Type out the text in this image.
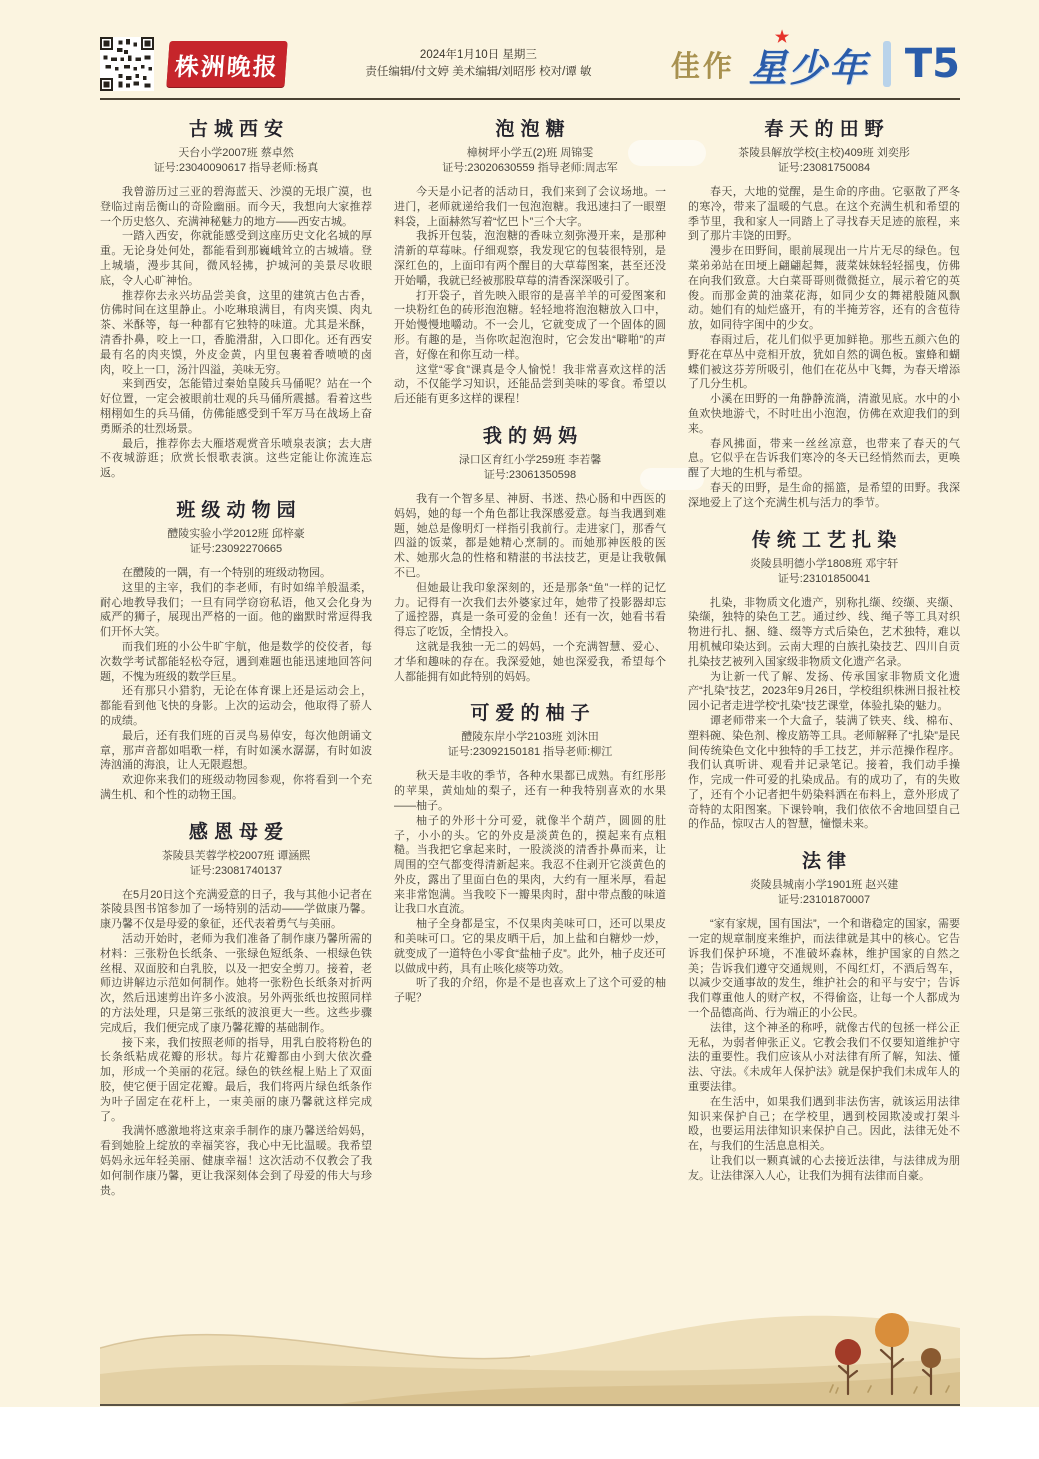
株洲晚报	2024年1月10日 星期三
责任编辑/付文婷 美术编辑/刘昭彤 校对/谭 敏	佳作
★
星少年 T5
古城西安
天台小学2007班 蔡卓然
证号:23040090617 指导老师:杨真

我曾游历过三亚的碧海蓝天、沙漠的无垠广漠，也登临过南岳衡山的奇险幽丽。而今天，我想向大家推荐一个历史悠久、充满神秘魅力的地方——西安古城。

一踏入西安，你就能感受到这座历史文化名城的厚重。无论身处何处，都能看到那巍峨耸立的古城墙。登上城墙，漫步其间，微风轻拂，护城河的美景尽收眼底，令人心旷神怡。

推荐你去永兴坊品尝美食，这里的建筑古色古香，仿佛时间在这里静止。小吃琳琅满目，有肉夹馍、肉丸茶、米酥等，每一种都有它独特的味道。尤其是米酥，清香扑鼻，咬上一口，香脆滑甜，入口即化。还有西安最有名的肉夹馍，外皮金黄，内里包裹着香喷喷的卤肉，咬上一口，汤汁四溢，美味无穷。

来到西安，怎能错过秦始皇陵兵马俑呢？站在一个好位置，一定会被眼前壮观的兵马俑所震撼。看着这些栩栩如生的兵马俑，仿佛能感受到千军万马在战场上奋勇厮杀的壮烈场景。

最后，推荐你去大雁塔观赏音乐喷泉表演；去大唐不夜城游逛；欣赏长恨歌表演。这些定能让你流连忘返。

班级动物园
醴陵实验小学2012班 邱梓豪
证号:23092270665

在醴陵的一隅，有一个特别的班级动物园。

这里的主宰，我们的李老师，有时如绵羊般温柔，耐心地教导我们；一旦有同学窃窃私语，他又会化身为威严的狮子，展现出严格的一面。他的幽默时常逗得我们开怀大笑。

而我们班的小公牛旷宇航，他是数学的佼佼者，每次数学考试都能轻松夺冠，遇到难题也能迅速地回答问题，不愧为班级的数学巨星。

还有那只小猎豹，无论在体育课上还是运动会上，都能看到他飞快的身影。上次的运动会，他取得了骄人的成绩。

最后，还有我们班的百灵鸟易倬安，每次他朗诵文章，那声音都如唱歌一样，有时如溪水潺潺，有时如波涛汹涌的海浪，让人无限遐想。

欢迎你来我们的班级动物园参观，你将看到一个充满生机、和个性的动物王国。

感恩母爱
茶陵县芙蓉学校2007班 谭涵熙
证号:23081740137

在5月20日这个充满爱意的日子，我与其他小记者在茶陵县图书馆参加了一场特别的活动——学做康乃馨。康乃馨不仅是母爱的象征，还代表着勇气与美丽。

活动开始时，老师为我们准备了制作康乃馨所需的材料：三张粉色长纸条、一张绿色短纸条、一根绿色铁丝棍、双面胶和白乳胶，以及一把安全剪刀。接着，老师边讲解边示范如何制作。她将一张粉色长纸条对折两次，然后迅速剪出许多小波浪。另外两张纸也按照同样的方法处理，只是第三张纸的波浪更大一些。这些步骤完成后，我们便完成了康乃馨花瓣的基础制作。

接下来，我们按照老师的指导，用乳白胶将粉色的长条纸粘成花瓣的形状。每片花瓣都由小到大依次叠加，形成一个美丽的花冠。绿色的铁丝棍上贴上了双面胶，使它便于固定花瓣。最后，我们将两片绿色纸条作为叶子固定在花杆上，一束美丽的康乃馨就这样完成了。

我满怀感激地将这束亲手制作的康乃馨送给妈妈，看到她脸上绽放的幸福笑容，我心中无比温暖。我希望妈妈永远年轻美丽、健康幸福！这次活动不仅教会了我如何制作康乃馨，更让我深刻体会到了母爱的伟大与珍贵。

泡泡糖
樟树坪小学五(2)班 周锦雯
证号:23020630559 指导老师:周志军

今天是小记者的活动日，我们来到了会议场地。一进门，老师就递给我们一包泡泡糖。我迅速扫了一眼塑料袋，上面赫然写着“忆巴卜”三个大字。

我拆开包装，泡泡糖的香味立刻弥漫开来，是那种清新的草莓味。仔细观察，我发现它的包装很特别，是深红色的，上面印有两个醒目的大草莓图案，甚至还没开始嚼，我就已经被那股草莓的清香深深吸引了。

打开袋子，首先映入眼帘的是喜羊羊的可爱图案和一块粉红色的砖形泡泡糖。轻轻地将泡泡糖放入口中，开始慢慢地嚼动。不一会儿，它就变成了一个固体的圆形。有趣的是，当你吹起泡泡时，它会发出“噼啪”的声音，好像在和你互动一样。

这堂“零食”课真是令人愉悦！我非常喜欢这样的活动，不仅能学习知识，还能品尝到美味的零食。希望以后还能有更多这样的课程！

我的妈妈
渌口区育红小学259班 李若馨
证号:23061350598

我有一个智多星、神厨、书迷、热心肠和中西医的妈妈，她的每一个角色都让我深感爱意。每当我遇到难题，她总是像明灯一样指引我前行。走进家门，那香气四溢的饭菜，都是她精心烹制的。而她那神医般的医术、她那火急的性格和精湛的书法技艺，更是让我敬佩不已。

但她最让我印象深刻的，还是那条“鱼”一样的记忆力。记得有一次我们去外婆家过年，她带了投影器却忘了遥控器，真是一条可爱的金鱼！还有一次，她看书看得忘了吃饭，全情投入。

这就是我独一无二的妈妈，一个充满智慧、爱心、才华和趣味的存在。我深爱她，她也深爱我，希望每个人都能拥有如此特别的妈妈。

可爱的柚子
醴陵东岸小学2103班 刘沐田
证号:23092150181 指导老师:柳江

秋天是丰收的季节，各种水果都已成熟。有红彤彤的苹果，黄灿灿的梨子，还有一种我特别喜欢的水果——柚子。

柚子的外形十分可爱，就像半个葫芦，圆圆的肚子，小小的头。它的外皮是淡黄色的，摸起来有点粗糙。当我把它拿起来时，一股淡淡的清香扑鼻而来，让周围的空气都变得清新起来。我忍不住剥开它淡黄色的外皮，露出了里面白色的果肉，大约有一厘米厚，看起来非常饱满。当我咬下一瓣果肉时，甜中带点酸的味道让我口水直流。

柚子全身都是宝，不仅果肉美味可口，还可以果皮和美味可口。它的果皮晒干后，加上盐和白糖炒一炒，就变成了一道特色小零食“盐柚子皮”。此外，柚子皮还可以做成中药，具有止咳化痰等功效。

听了我的介绍，你是不是也喜欢上了这个可爱的柚子呢？

春天的田野
茶陵县解放学校(主校)409班 刘奕彤
证号:23081750084

春天，大地的觉醒，是生命的序曲。它驱散了严冬的寒冷，带来了温暖的气息。在这个充满生机和希望的季节里，我和家人一同踏上了寻找春天足迹的旅程，来到了那片丰饶的田野。

漫步在田野间，眼前展现出一片片无尽的绿色。包菜弟弟站在田埂上翩翩起舞，菠菜妹妹轻轻摇曳，仿佛在向我们致意。大白菜哥哥则微微挺立，展示着它的英俊。而那金黄的油菜花海，如同少女的舞裙般随风飘动。她们有的灿烂盛开，有的半掩芳容，还有的含苞待放，如同待字闺中的少女。

春雨过后，花儿们似乎更加鲜艳。那些五颜六色的野花在草丛中竞相开放，犹如自然的调色板。蜜蜂和蝴蝶们被这芬芳所吸引，他们在花丛中飞舞，为春天增添了几分生机。

小溪在田野的一角静静流淌，清澈见底。水中的小鱼欢快地游弋，不时吐出小泡泡，仿佛在欢迎我们的到来。

春风拂面，带来一丝丝凉意，也带来了春天的气息。它似乎在告诉我们寒冷的冬天已经悄然而去，更唤醒了大地的生机与希望。

春天的田野，是生命的摇篮，是希望的田野。我深深地爱上了这个充满生机与活力的季节。

传统工艺扎染
炎陵县明德小学1808班 邓宇轩
证号:23101850041

扎染，非物质文化遗产，别称扎缬、绞缬、夹缬、染缬，独特的染色工艺。通过纱、线、绳子等工具对织物进行扎、捆、缝、缀等方式后染色，艺术独特，难以用机械印染达到。云南大理的白族扎染技艺、四川自贡扎染技艺被列入国家级非物质文化遗产名录。

为让新一代了解、发扬、传承国家非物质文化遗产“扎染”技艺，2023年9月26日，学校组织株洲日报社校园小记者走进学校“扎染”技艺课堂，体验扎染的魅力。

谭老师带来一个大盒子，装满了铁夹、线、棉布、塑料碗、染色剂、橡皮筋等工具。老师解释了“扎染”是民间传统染色文化中独特的手工技艺，并示范操作程序。我们认真听讲、观看并记录笔记。接着，我们动手操作，完成一件可爱的扎染成品。有的成功了，有的失败了，还有个小记者把牛奶染料洒在布料上，意外形成了奇特的太阳图案。下课铃响，我们依依不舍地回望自己的作品，惊叹古人的智慧，憧憬未来。

法律
炎陵县城南小学1901班 赵兴建
证号:23101870007

“家有家规，国有国法”，一个和谐稳定的国家，需要一定的规章制度来维护，而法律就是其中的核心。它告诉我们保护环境，不准破坏森林，维护国家的自然之美；告诉我们遵守交通规则，不闯红灯，不酒后驾车，以减少交通事故的发生，维护社会的和平与安宁；告诉我们尊重他人的财产权，不得偷盗，让每一个人都成为一个品德高尚、行为端正的小公民。

法律，这个神圣的称呼，就像古代的包拯一样公正无私，为弱者伸张正义。它教会我们不仅要知道维护守法的重要性。我们应该从小对法律有所了解，知法、懂法、守法。《未成年人保护法》就是保护我们未成年人的重要法律。

在生活中，如果我们遇到非法伤害，就该运用法律知识来保护自己；在学校里，遇到校园欺凌或打架斗殴，也要运用法律知识来保护自己。因此，法律无处不在，与我们的生活息息相关。

让我们以一颗真诚的心去接近法律，与法律成为朋友。让法律深入人心，让我们为拥有法律而自豪。
